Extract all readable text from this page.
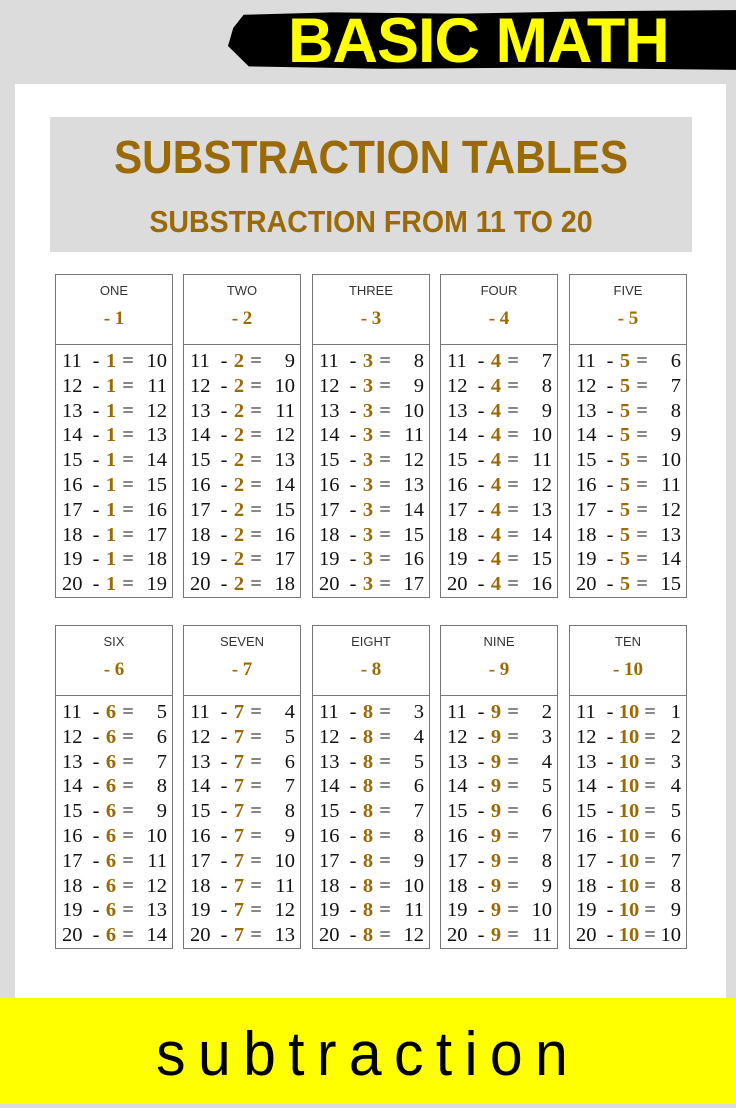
BASIC MATH
SUBSTRACTION TABLES
SUBSTRACTION FROM 11 TO 20
ONE
- 1
11 - 1 = 10
12 - 1 = 11
13 - 1 = 12
14 - 1 = 13
15 - 1 = 14
16 - 1 = 15
17 - 1 = 16
18 - 1 = 17
19 - 1 = 18
20 - 1 = 19
TWO
- 2
11 - 2 =	9
12 - 2 = 10
13 - 2 = 11
14 - 2 = 12
15 - 2 = 13
16 - 2 = 14
17 - 2 = 15
18 - 2 = 16
19 - 2 = 17
20 - 2 = 18
THREE
- 3
11 - 3 =	8
12 - 3 =	9
13 - 3 = 10
14 - 3 = 11
15 - 3 = 12
16 - 3 = 13
17 - 3 = 14
18 - 3 = 15
19 - 3 = 16
20 - 3 = 17
FOUR
- 4
11 - 4 =	7
12 - 4 =	8
13 - 4 =	9
14 - 4 = 10
15 - 4 = 11
16 - 4 = 12
17 - 4 = 13
18 - 4 = 14
19 - 4 = 15
20 - 4 = 16
FIVE
- 5
11 - 5 =	6
12 - 5 =	7
13 - 5 =	8
14 - 5 =	9
15 - 5 = 10
16 - 5 = 11
17 - 5 = 12
18 - 5 = 13
19 - 5 = 14
20 - 5 = 15
SIX
- 6
11 - 6 =	5
12 - 6 =	6
13 - 6 =	7
14 - 6 =	8
15 - 6 =	9
16 - 6 = 10
17 - 6 = 11
18 - 6 = 12
19 - 6 = 13
20 - 6 = 14
SEVEN
- 7
11 - 7 =	4
12 - 7 =	5
13 - 7 =	6
14 - 7 =	7
15 - 7 =	8
16 - 7 =	9
17 - 7 = 10
18 - 7 = 11
19 - 7 = 12
20 - 7 = 13
EIGHT
- 8
11 - 8 =	3
12 - 8 =	4
13 - 8 =	5
14 - 8 =	6
15 - 8 =	7
16 - 8 =	8
17 - 8 =	9
18 - 8 = 10
19 - 8 = 11
20 - 8 = 12
NINE
- 9
11 - 9 =	2
12 - 9 =	3
13 - 9 =	4
14 - 9 =	5
15 - 9 =	6
16 - 9 =	7
17 - 9 =	8
18 - 9 =	9
19 - 9 = 10
20 - 9 = 11
TEN
- 10
11 - 10 = 1
12 - 10 = 2
13 - 10 = 3
14 - 10 = 4
15 - 10 = 5
16 - 10 = 6
17 - 10 = 7
18 - 10 = 8
19 - 10 = 9
20 - 10 = 10
subtraction
